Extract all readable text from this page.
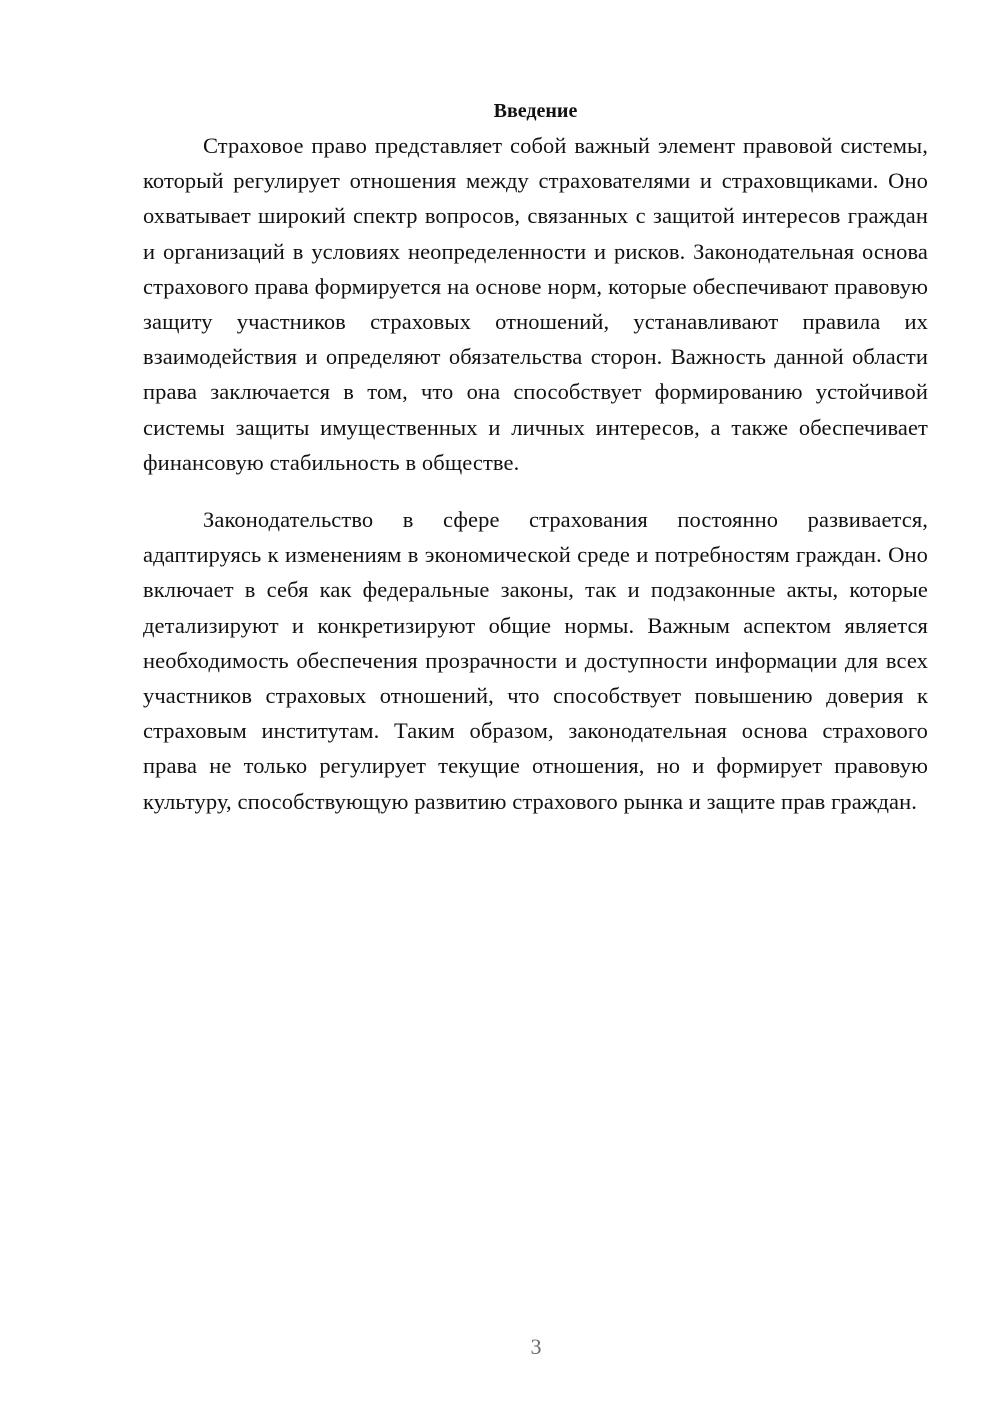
Введение

Страховое право представляет собой важный элемент правовой системы, который регулирует отношения между страхователями и страховщиками. Оно охватывает широкий спектр вопросов, связанных с защитой интересов граждан и организаций в условиях неопределенности и рисков. Законодательная основа страхового права формируется на основе норм, которые обеспечивают правовую защиту участников страховых отношений, устанавливают правила их взаимодействия и определяют обязательства сторон. Важность данной области права заключается в том, что она способствует формированию устойчивой системы защиты имущественных и личных интересов, а также обеспечивает финансовую стабильность в обществе.

Законодательство в сфере страхования постоянно развивается, адаптируясь к изменениям в экономической среде и потребностям граждан. Оно включает в себя как федеральные законы, так и подзаконные акты, которые детализируют и конкретизируют общие нормы. Важным аспектом является необходимость обеспечения прозрачности и доступности информации для всех участников страховых отношений, что способствует повышению доверия к страховым институтам. Таким образом, законодательная основа страхового права не только регулирует текущие отношения, но и формирует правовую культуру, способствующую развитию страхового рынка и защите прав граждан.

3
